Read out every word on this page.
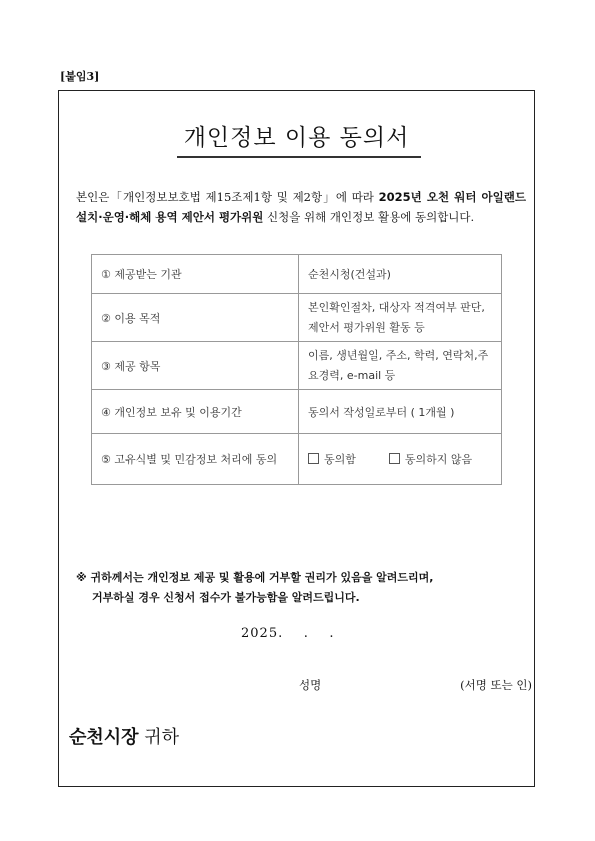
[붙임3]
개인정보 이용 동의서
본인은「개인정보보호법 제15조제1항 및 제2항」에 따라 2025년 오천 워터 아일랜드 설치·운영·해체 용역 제안서 평가위원 신청을 위해 개인정보 활용에 동의합니다.
① 제공받는 기관	순천시청(건설과)
② 이용 목적	본인확인절차, 대상자 적격여부 판단, 제안서 평가위원 활동 등
③ 제공 항목	이름, 생년월일, 주소, 학력, 연락처,주요경력, e-mail 등
④ 개인정보 보유 및 이용기간	동의서 작성일로부터 ( 1개월 )
⑤ 고유식별 및 민감정보 처리에 동의	동의함 동의하지 않음
※ 귀하께서는 개인정보 제공 및 활용에 거부할 권리가 있음을 알려드리며,
거부하실 경우 신청서 접수가 불가능함을 알려드립니다.
2025.    .    .
성명	(서명 또는 인)
순천시장 귀하
